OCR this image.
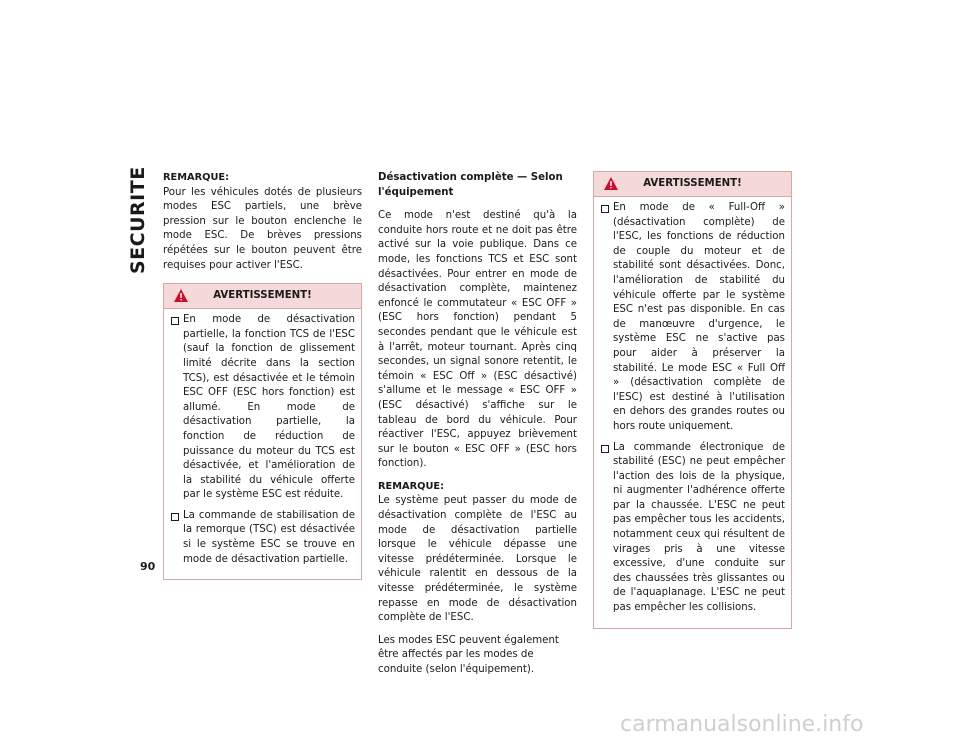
SECURITE
90
REMARQUE:

Pour les véhicules dotés de plusieurs modes ESC partiels, une brève pression sur le bouton enclenche le mode ESC. De brèves pressions répétées sur le bouton peuvent être requises pour activer l'ESC.

AVERTISSEMENT!
En mode de désactivation partielle, la fonction TCS de l'ESC (sauf la fonction de glissement limité décrite dans la section TCS), est désactivée et le témoin ESC OFF (ESC hors fonction) est allumé. En mode de désactivation partielle, la fonction de réduction de puissance du moteur du TCS est désactivée, et l'amélioration de la stabilité du véhicule offerte par le système ESC est réduite.
La commande de stabilisation de la remorque (TSC) est désactivée si le système ESC se trouve en mode de désactivation partielle.
Désactivation complète — Selon l'équipement

Ce mode n'est destiné qu'à la conduite hors route et ne doit pas être activé sur la voie publique. Dans ce mode, les fonctions TCS et ESC sont désactivées. Pour entrer en mode de désactivation complète, maintenez enfoncé le commutateur « ESC OFF » (ESC hors fonction) pendant 5 secondes pendant que le véhicule est à l'arrêt, moteur tournant. Après cinq secondes, un signal sonore retentit, le témoin « ESC Off » (ESC désactivé) s'allume et le message « ESC OFF » (ESC désactivé) s'affiche sur le tableau de bord du véhicule. Pour réactiver l'ESC, appuyez brièvement sur le bouton « ESC OFF » (ESC hors fonction).

REMARQUE:

Le système peut passer du mode de désactivation complète de l'ESC au mode de désactivation partielle lorsque le véhicule dépasse une vitesse prédéterminée. Lorsque le véhicule ralentit en dessous de la vitesse prédéterminée, le système repasse en mode de désactivation complète de l'ESC.

Les modes ESC peuvent également être affectés par les modes de conduite (selon l'équipement).

AVERTISSEMENT!
En mode de « Full-Off » (désactivation complète) de l'ESC, les fonctions de réduction de couple du moteur et de stabilité sont désactivées. Donc, l'amélioration de stabilité du véhicule offerte par le système ESC n'est pas disponible. En cas de manœuvre d'urgence, le système ESC ne s'active pas pour aider à préserver la stabilité. Le mode ESC « Full Off » (désactivation complète de l'ESC) est destiné à l'utilisation en dehors des grandes routes ou hors route uniquement.
La commande électronique de stabilité (ESC) ne peut empêcher l'action des lois de la physique, ni augmenter l'adhérence offerte par la chaussée. L'ESC ne peut pas empêcher tous les accidents, notamment ceux qui résultent de virages pris à une vitesse excessive, d'une conduite sur des chaussées très glissantes ou de l'aquaplanage. L'ESC ne peut pas empêcher les collisions.
carmanualsonline.info
